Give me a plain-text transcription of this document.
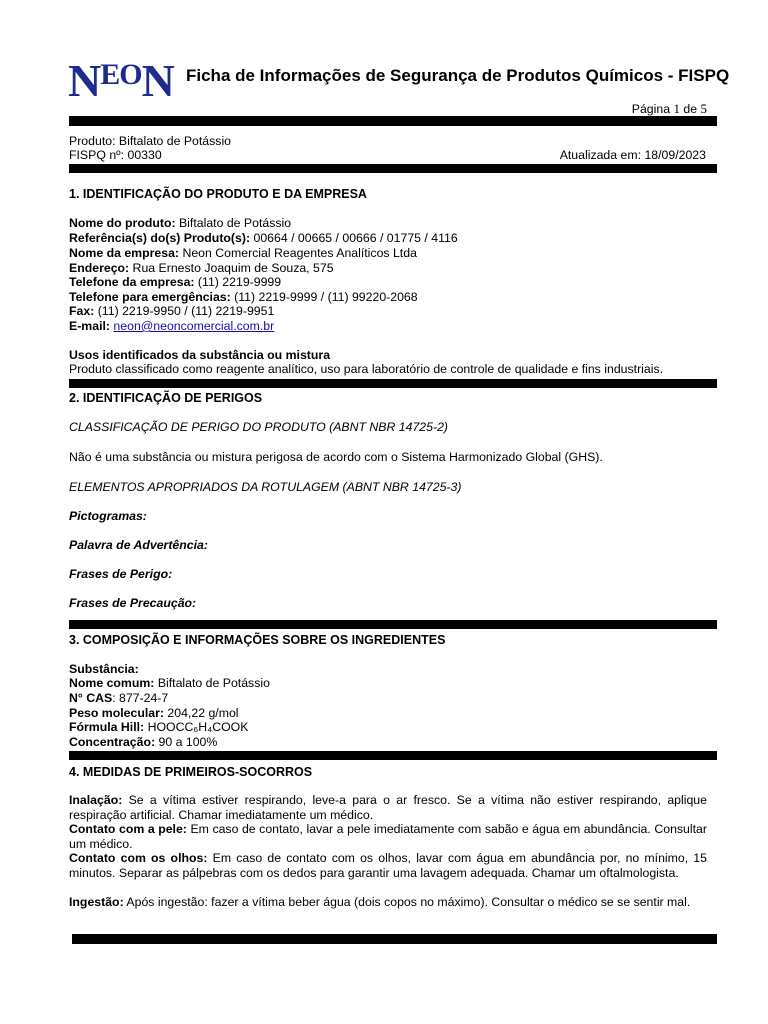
NEON Ficha de Informações de Segurança de Produtos Químicos - FISPQ
Página 1 de 5
Produto: Biftalato de Potássio
FISPQ nº: 00330	Atualizada em: 18/09/2023
1. IDENTIFICAÇÃO DO PRODUTO E DA EMPRESA
Nome do produto: Biftalato de Potássio
Referência(s) do(s) Produto(s): 00664 / 00665 / 00666 / 01775 / 4116
Nome da empresa: Neon Comercial Reagentes Analíticos Ltda
Endereço: Rua Ernesto Joaquim de Souza, 575
Telefone da empresa: (11) 2219-9999
Telefone para emergências: (11) 2219-9999 / (11) 99220-2068
Fax: (11) 2219-9950 / (11) 2219-9951
E-mail: neon@neoncomercial.com.br
Usos identificados da substância ou mistura
Produto classificado como reagente analítico, uso para laboratório de controle de qualidade e fins industriais.
2. IDENTIFICAÇÃO DE PERIGOS
CLASSIFICAÇÃO DE PERIGO DO PRODUTO (ABNT NBR 14725-2)
Não é uma substância ou mistura perigosa de acordo com o Sistema Harmonizado Global (GHS).
ELEMENTOS APROPRIADOS DA ROTULAGEM (ABNT NBR 14725-3)
Pictogramas:
Palavra de Advertência:
Frases de Perigo:
Frases de Precaução:
3. COMPOSIÇÃO E INFORMAÇÕES SOBRE OS INGREDIENTES
Substância:
Nome comum: Biftalato de Potássio
N° CAS: 877-24-7
Peso molecular: 204,22 g/mol
Fórmula Hill: HOOCC₆H₄COOK
Concentração: 90 a 100%
4. MEDIDAS DE PRIMEIROS-SOCORROS
Inalação: Se a vítima estiver respirando, leve-a para o ar fresco. Se a vítima não estiver respirando, aplique respiração artificial. Chamar imediatamente um médico.
Contato com a pele: Em caso de contato, lavar a pele imediatamente com sabão e água em abundância. Consultar um médico.
Contato com os olhos: Em caso de contato com os olhos, lavar com água em abundância por, no mínimo, 15 minutos. Separar as pálpebras com os dedos para garantir uma lavagem adequada. Chamar um oftalmologista.
Ingestão: Após ingestão: fazer a vítima beber água (dois copos no máximo). Consultar o médico se se sentir mal.
